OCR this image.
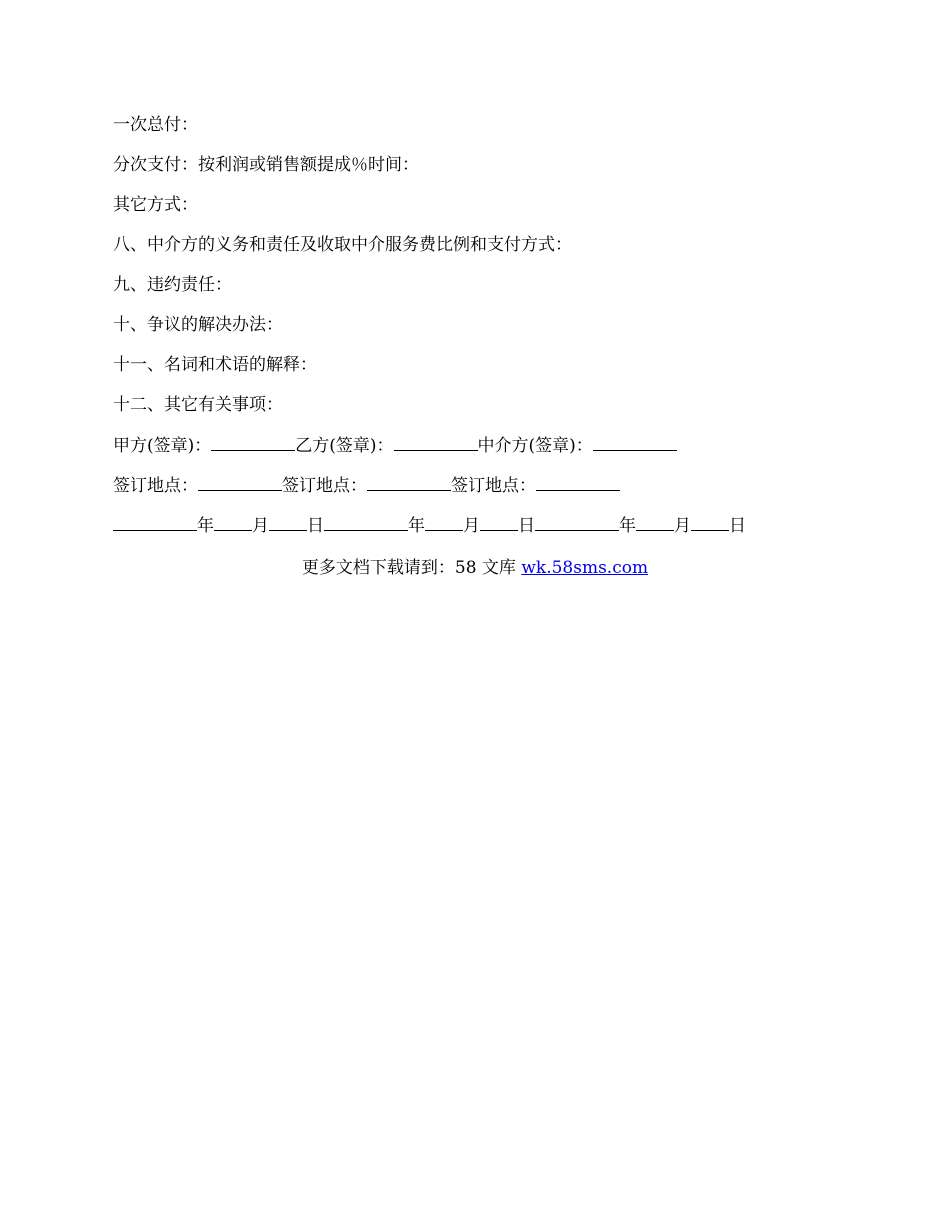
一次总付：
分次支付：按利润或销售额提成％时间：
其它方式：
八、中介方的义务和责任及收取中介服务费比例和支付方式：
九、违约责任：
十、争议的解决办法：
十一、名词和术语的解释：
十二、其它有关事项：
甲方(签章)：	乙方(签章)：	中介方(签章)：
签订地点：	签订地点：	签订地点：
年 月 日	年 月 日	年 月 日
更多文档下载请到：58 文库 wk.58sms.com
